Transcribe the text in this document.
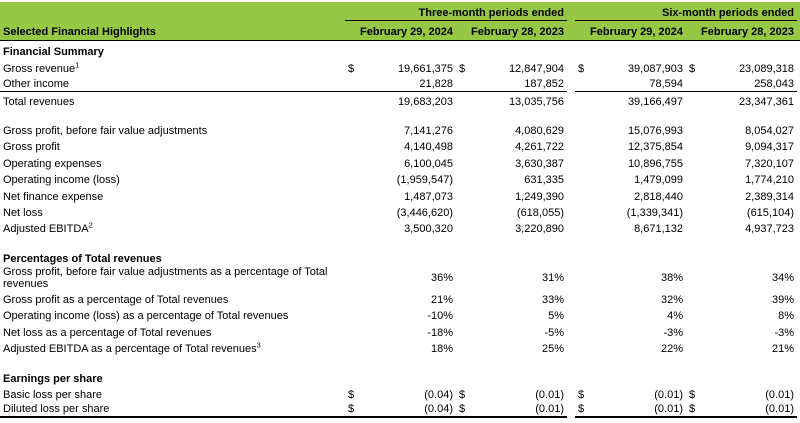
Three-month periods ended	Six-month periods ended
Selected Financial Highlights	February 29, 2024	February 28, 2023	February 29, 2024	February 28, 2023
Financial Summary
Gross revenue$^1$	$	19,661,375 $	12,847,904 $	39,087,903 $	23,089,318
Other income	21,828	187,852	78,594	258,043
Total revenues	19,683,203	13,035,756	39,166,497	23,347,361
Gross profit, before fair value adjustments	7,141,276	4,080,629	15,076,993	8,054,027
Gross profit	4,140,498	4,261,722	12,375,854	9,094,317
Operating expenses	6,100,045	3,630,387	10,896,755	7,320,107
Operating income (loss)	(1,959,547)	631,335	1,479,099	1,774,210
Net finance expense	1,487,073	1,249,390	2,818,440	2,389,314
Net loss	(3,446,620)	(618,055)	(1,339,341)	(615,104)
Adjusted EBITDA$^2$	3,500,320	3,220,890	8,671,132	4,937,723
Percentages of Total revenues
Gross profit, before fair value adjustments as a percentage of Total revenues	36%	31%	38%	34%
Gross profit as a percentage of Total revenues	21%	33%	32%	39%
Operating income (loss) as a percentage of Total revenues	-10%	5%	4%	8%
Net loss as a percentage of Total revenues	-18%	-5%	-3%	-3%
Adjusted EBITDA as a percentage of Total revenues$^3$	18%	25%	22%	21%
Earnings per share
Basic loss per share	$	(0.04) $	(0.01) $	(0.01) $	(0.01)
Diluted loss per share	$	(0.04) $	(0.01) $	(0.01) $	(0.01)
